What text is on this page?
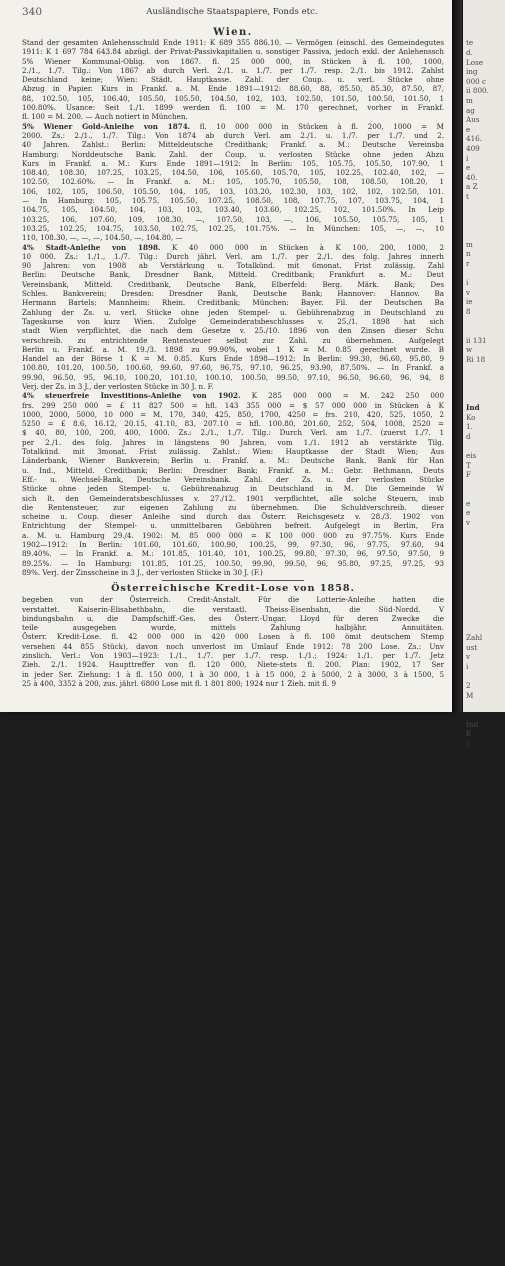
340	Ausländische Staatspapiere, Fonds etc.
Wien.
Stand der gesamten Anlehensschuld Ende 1911: K 689 355 886.10. — Vermögen (einschl. des Gemeindegutes
1911: K 1 697 784 643.84 abzügl. der Privat-Passivkapitalien u. sonstiger Passiva, jedoch exkl. der Anlehenssch
5% Wiener Kommunal-Oblig. von 1867. fl. 25 000 000, in Stücken à fl. 100, 1000,
2./1., 1./7. Tilg.: Von 1867 ab durch Verl. 2./1. u. 1./7. per 1./7. resp. 2./1. bis 1912. Zahlst
Deutschland keine; Wien: Städt. Hauptkasse. Zahl. der Coup. u. verl. Stücke ohne
Abzug in Papier. Kurs in Frankf. a. M. Ende 1891—1912: 88.60, 88, 85.50, 85.30, 87.50, 87,
88, 102.50, 105, 106.40, 105.50, 105.50, 104.50, 102, 103, 102.50, 101.50, 100.50, 101.50, 1
100.80%. Usance: Seit 1./1. 1899 werden fl. 100 = M. 170 gerechnet, vorher in Frankf.
fl. 100 = M. 200. — Auch notiert in München.
5% Wiener Gold-Anleihe von 1874. fl. 10 000 000 in Stücken à fl. 200, 1000 = M
2000. Zs.: 2./1., 1./7. Tilg.: Von 1874 ab durch Verl. am 2./1. u. 1./7. per 1./7. und 2.
40 Jahren. Zahlst.: Berlin: Mitteldeutsche Creditbank; Frankf. a. M.: Deutsche Vereinsba
Hamburg: Norddeutsche Bank. Zahl. der Coup. u. verlosten Stücke ohne jeden Abzu
Kurs in Frankf. a. M.: Kurs Ende 1891—1912: In Berlin: 105, 105.75, 105.50, 107.90, 1
108.40, 108.30, 107.25, 103.25, 104.50, 106, 105.60, 105.70, 105, 102.25, 102.40, 102, —
102.50, 102.60%. — In Frankf. a. M.: 105, 105.70, 105.50, 108, 108.50, 108.20, 1
106, 102, 105, 106.50, 105.50, 104, 105, 103, 103.20, 102.30, 103, 102, 102, 102.50, 101.
— In Hamburg: 105, 105.75, 105.50, 107.25, 108.50, 108, 107.75, 107, 103.75, 104, 1
104.75, 105, 104.50, 104, 103, 103, 103.40, 103.60, 102.25, 102, 101.50%. In Leip
103.25, 106, 107.60, 109, 108.30, —, 107.50, 103, —, 106, 105.50, 105.75, 105, 1
103.25, 102.25, 104.75, 103.50, 102.75, 102.25, 101.75%. — In München: 105, —, —, 10
110, 108.30, —, —, —, 104.50, —, 104.80, —
4% Stadt-Anleihe von 1898. K 40 000 000 in Stücken à K 100, 200, 1000, 2
10 000. Zs.: 1./1., 1./7. Tilg.: Durch jährl. Verl. am 1./7. per 2./1. des folg. Jahres innerh
90 Jahren: von 1908 ab Verstärkung u. Totalkünd. mit 6monat. Frist zulässig. Zahl
Berlin: Deutsche Bank, Dresdner Bank, Mitteld. Creditbank; Frankfurt a. M.: Deut
Vereinsbank, Mitteld. Creditbank, Deutsche Bank, Elberfeld: Berg. Märk. Bank; Des
Schles. Bankverein; Dresden: Dresdner Bank, Deutsche Bank; Hannover: Hannov. Ba
Hermann Bartels; Mannheim: Rhein. Creditbank; München: Bayer. Fil. der Deutschen Ba
Zahlung der Zs. u. verl. Stücke ohne jeden Stempel- u. Gebührenabzug in Deutschland zu
Tageskurse von kurz Wien. Zufolge Gemeinderatsbeschlusses v. 25./1. 1898 hat sich
stadt Wien verpflichtet, die nach dem Gesetze v. 25./10. 1896 von den Zinsen dieser Schu
verschreib. zu entrichtende Rentensteuer selbst zur Zahl. zu übernehmen. Aufgelegt
Berlin u. Frankf. a. M. 19./3. 1898 zu 99.90%, wobei 1 K = M. 0.85 gerechnet wurde. B
Handel an der Börse 1 K = M. 0.85. Kurs Ende 1898—1912: In Berlin: 99.30, 96.60, 95.80, 9
100.80, 101.20, 100.50, 100.60, 99.60, 97.60, 96.75, 97.10, 96.25, 93.90, 87.50%. — In Frankf. a
99.90, 96.50, 95, 96.10, 100.20, 101.10, 100.10, 100.50, 99.50, 97.10, 96.50, 96.60, 96, 94, 8
Verj. der Zs. in 3 J., der verlosten Stücke in 30 J. n. F.
4% steuerfreie Investitions-Anleihe von 1902. K 285 000 000 = M. 242 250 000
frs. 299 250 000 = £ 11 827 500 = hfl. 143 355 000 = $ 57 000 000 in Stücken à K
1000, 2000, 5000, 10 000 = M. 170, 340, 425, 850, 1700, 4250 = frs. 210, 420, 525, 1050, 2
5250 = £ 8.6, 16.12, 20.15, 41.10, 83, 207.10 = hfl. 100.80, 201.60, 252, 504, 1008, 2520 =
$ 40, 80, 100, 200, 400, 1000. Zs.: 2./1., 1./7. Tilg.: Durch Verl. am 1./7. (zuerst 1./7. 1
per 2./1. des folg. Jahres in längstens 90 Jahren, vom 1./1. 1912 ab verstärkte Tilg.
Totalkünd. mit 3monat. Frist zulässig. Zahlst.: Wien: Hauptkasse der Stadt Wien; Aus
Länderbank, Wiener Bankverein; Berlin u. Frankf. a. M.: Deutsche Bank. Bank für Han
u. Ind., Mitteld. Creditbank; Berlin: Dresdner Bank; Frankf. a. M.: Gebr. Bethmann, Deuts
Eff.- u. Wechsel-Bank, Deutsche Vereinsbank. Zahl. der Zs. u. der verlosten Stücke
Stücke ohne jeden Stempel- u. Gebührenabzug in Deutschland in M. Die Gemeinde W
sich lt. den Gemeinderatsbeschlusses v. 27./12. 1901 verpflichtet, alle solche Steuern, insb
die Rentensteuer, zur eigenen Zahlung zu übernehmen. Die Schuldverschreib. dieser
scheine u. Coup. dieser Anleihe sind durch das Österr. Reichsgesetz v. 28./3. 1902 von
Entrichtung der Stempel- u. unmittelbaren Gebühren befreit. Aufgelegt in Berlin, Fra
a. M. u. Hamburg 29./4. 1902: M. 85 000 000 = K 100 000 000 zu 97.75%. Kurs Ende
1902—1912: In Berlin: 101.60, 101.60, 100.90, 100.25, 99, 97.30, 96, 97.75, 97.60, 94
89.40%. — In Frankf. a. M.: 101.85, 101.40, 101, 100.25, 99.80, 97.30, 96, 97.50, 97.50, 9
89.25%. — In Hamburg: 101.85, 101.25, 100.50, 99.90, 99.50, 96, 95.80, 97.25, 97.25, 93
89%. Verj. der Zinsscheine in 3 J., der verlosten Stücke in 30 J. (F.)
Österreichische Kredit-Lose von 1858.
begeben von der Österreich. Credit-Anstalt. Für die Lotterie-Anleihe hatten die
verstattet. Kaiserin-Elisabethbahn, die verstaatl. Theiss-Eisenbahn, die Süd-Nordd. V
bindungsbahn u. die Dampfschiff.-Ges. des Österr.-Ungar. Lloyd für deren Zwecke die
teile ausgegeben wurde, mittels Zahlung halbjähr. Annuitäten.
Österr. Kredit-Lose. fl. 42 000 000 in 420 000 Losen à fl. 100 ömit deutschem Stemp
versehen 44 855 Stück), davon noch unverlost im Umlauf Ende 1912: 78 200 Lose. Zs.: Unv
zinslich. Verl.: Von 1903—1923: 1./1., 1./7. per 1./7. resp. 1./1.; 1924: 1./1. per 1./7. Jetz
Zieh. 2./1. 1924. Haupttreffer von fl. 120 000, Niete-stets fl. 200. Plan: 1902, 17 Ser
in jeder Ser. Ziehung: 1 à fl. 150 000, 1 à 30 000, 1 à 15 000, 2 à 5000, 2 à 3000, 3 à 1500, 5
25 à 400, 3352 à 200, zus. jährl. 6800 Lose mit fl. 1 801 800; 1924 nur 1 Zieh. mit fl. 9
te
d.
Lose
ing
000 c
ii 800.
m
ag
Aus
e
416.
409
i
e
40.
a Z
t
m
n
r
i
v
ie
8
ii 131
w
Ri 18
Ind
Ko
1.
d
eis
T
F
e
e
v
Zahl
ust
v
i
2
M
Ind
E
r
